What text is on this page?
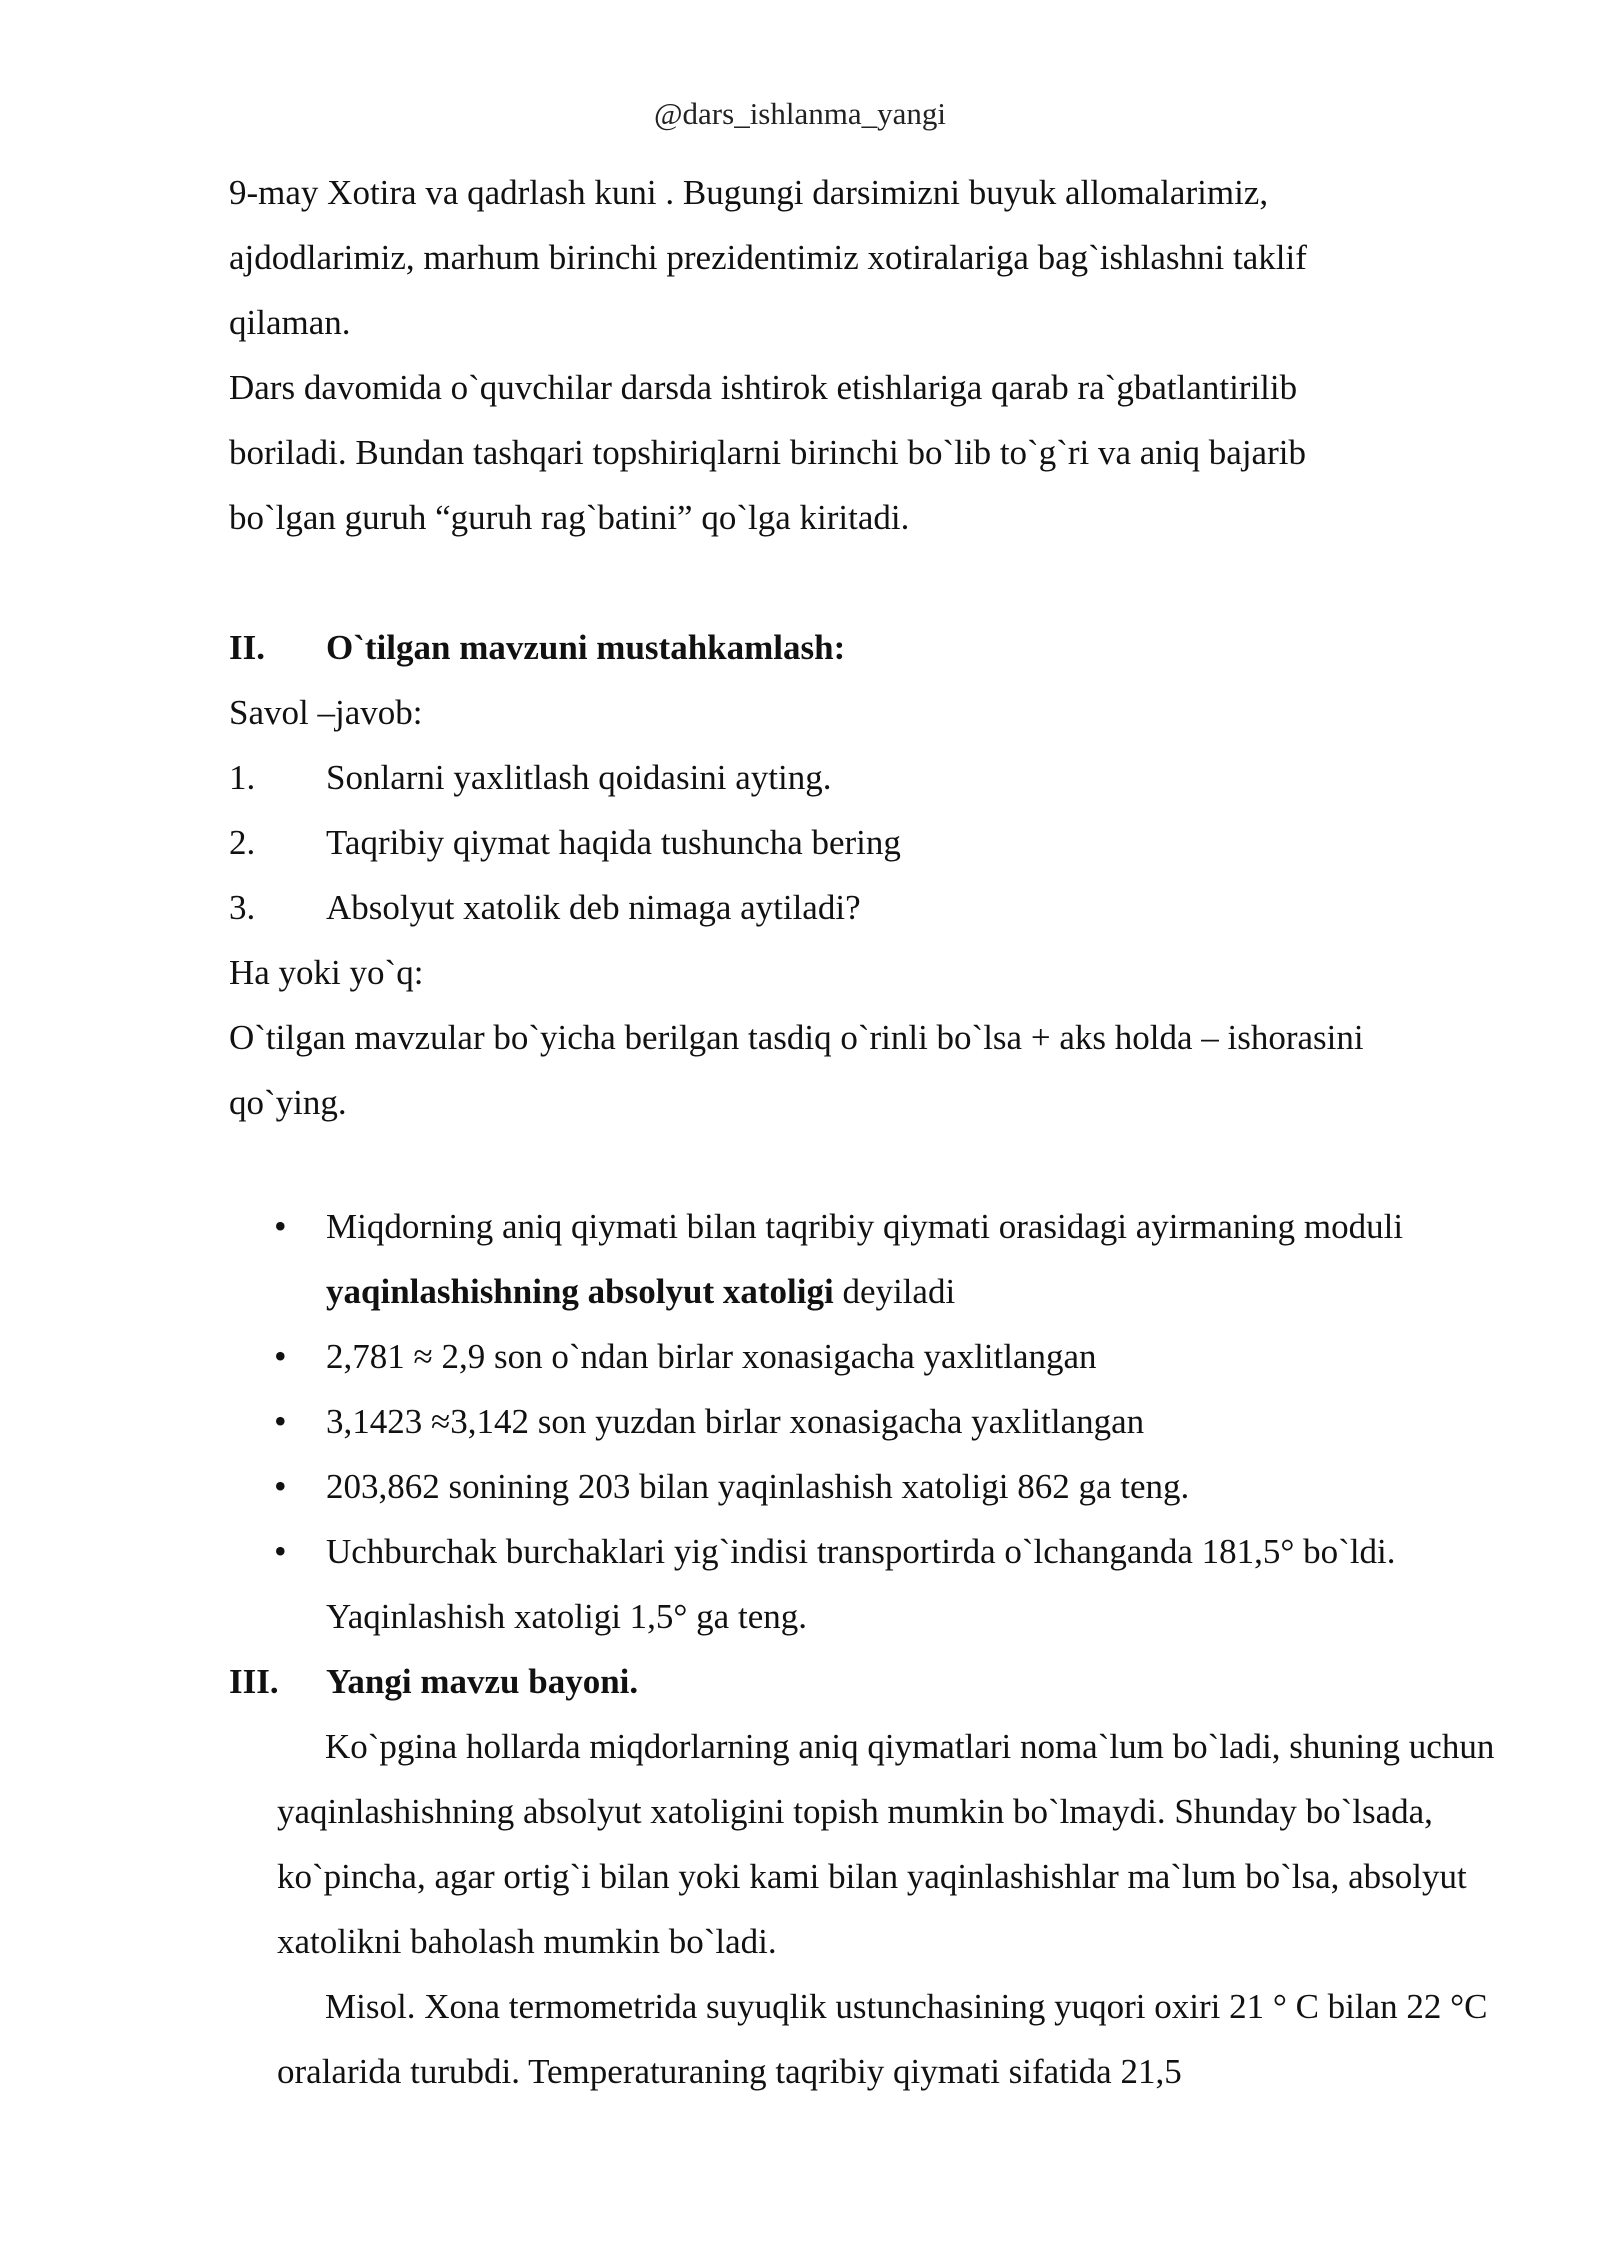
@dars_ishlanma_yangi

9-may Xotira va qadrlash kuni . Bugungi darsimizni buyuk allomalarimiz,

ajdodlarimiz, marhum birinchi prezidentimiz xotiralariga bag`ishlashni taklif

qilaman.

Dars davomida o`quvchilar darsda ishtirok etishlariga qarab ra`gbatlantirilib

boriladi. Bundan tashqari topshiriqlarni birinchi bo`lib to`g`ri va aniq bajarib

bo`lgan guruh “guruh rag`batini” qo`lga kiritadi.

II. O`tilgan mavzuni mustahkamlash:

Savol –javob:

1. Sonlarni yaxlitlash qoidasini ayting.

2. Taqribiy qiymat haqida tushuncha bering

3. Absolyut xatolik deb nimaga aytiladi?

Ha yoki yo`q:

O`tilgan mavzular bo`yicha berilgan tasdiq o`rinli bo`lsa + aks holda – ishorasini

qo`ying.

• Miqdorning aniq qiymati bilan taqribiy qiymati orasidagi ayirmaning moduli
yaqinlashishning absolyut xatoligi deyiladi
• 2,781 ≈ 2,9 son o`ndan birlar xonasigacha yaxlitlangan
• 3,1423 ≈3,142 son yuzdan birlar xonasigacha yaxlitlangan
• 203,862 sonining 203 bilan yaqinlashish xatoligi 862 ga teng.
• Uchburchak burchaklari yig`indisi transportirda o`lchanganda 181,5° bo`ldi.
Yaqinlashish xatoligi 1,5° ga teng.

III. Yangi mavzu bayoni.

Ko`pgina hollarda miqdorlarning aniq qiymatlari noma`lum bo`ladi, shuning uchun yaqinlashishning absolyut xatoligini topish mumkin bo`lmaydi. Shunday bo`lsada, ko`pincha, agar ortig`i bilan yoki kami bilan yaqinlashishlar ma`lum bo`lsa, absolyut xatolikni baholash mumkin bo`ladi.

Misol. Xona termometrida suyuqlik ustunchasining yuqori oxiri 21 ° C bilan 22 °C oralarida turubdi. Temperaturaning taqribiy qiymati sifatida 21,5
